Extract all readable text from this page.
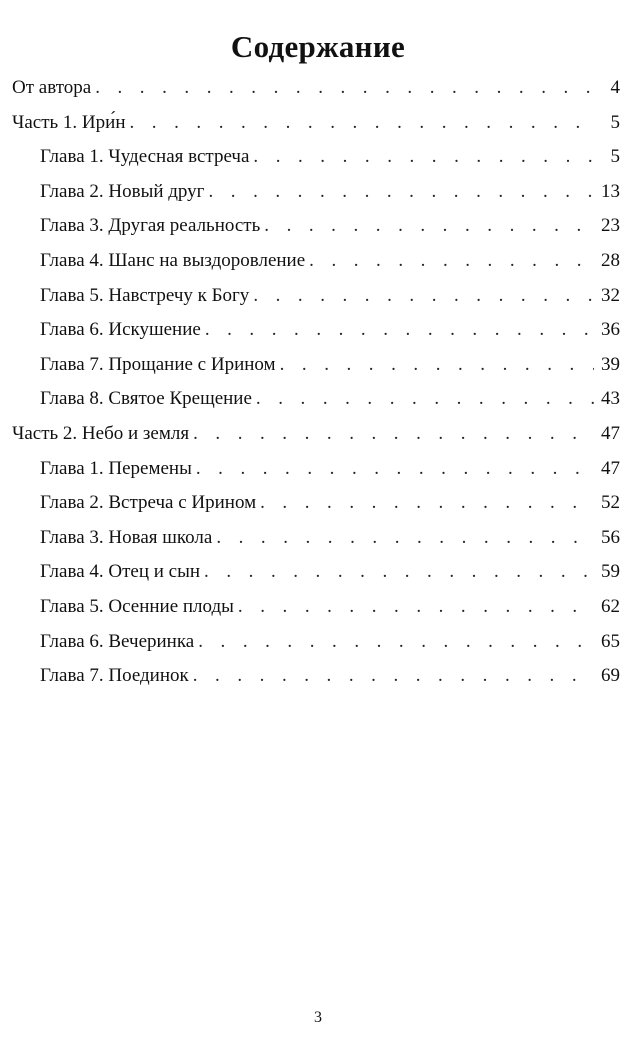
Содержание
От автора . . .	4
Часть 1. Ири́н . . .	5
Глава 1. Чудесная встреча . . .	5
Глава 2. Новый друг . . .	13
Глава 3. Другая реальность . . .	23
Глава 4. Шанс на выздоровление . . .	28
Глава 5. Навстречу к Богу . . .	32
Глава 6. Искушение . . .	36
Глава 7. Прощание с Ирином . . .	39
Глава 8. Святое Крещение . . .	43
Часть 2. Небо и земля . . .	47
Глава 1. Перемены . . .	47
Глава 2. Встреча с Ирином . . .	52
Глава 3. Новая школа . . .	56
Глава 4. Отец и сын . . .	59
Глава 5. Осенние плоды . . .	62
Глава 6. Вечеринка . . .	65
Глава 7. Поединок . . .	69
3
